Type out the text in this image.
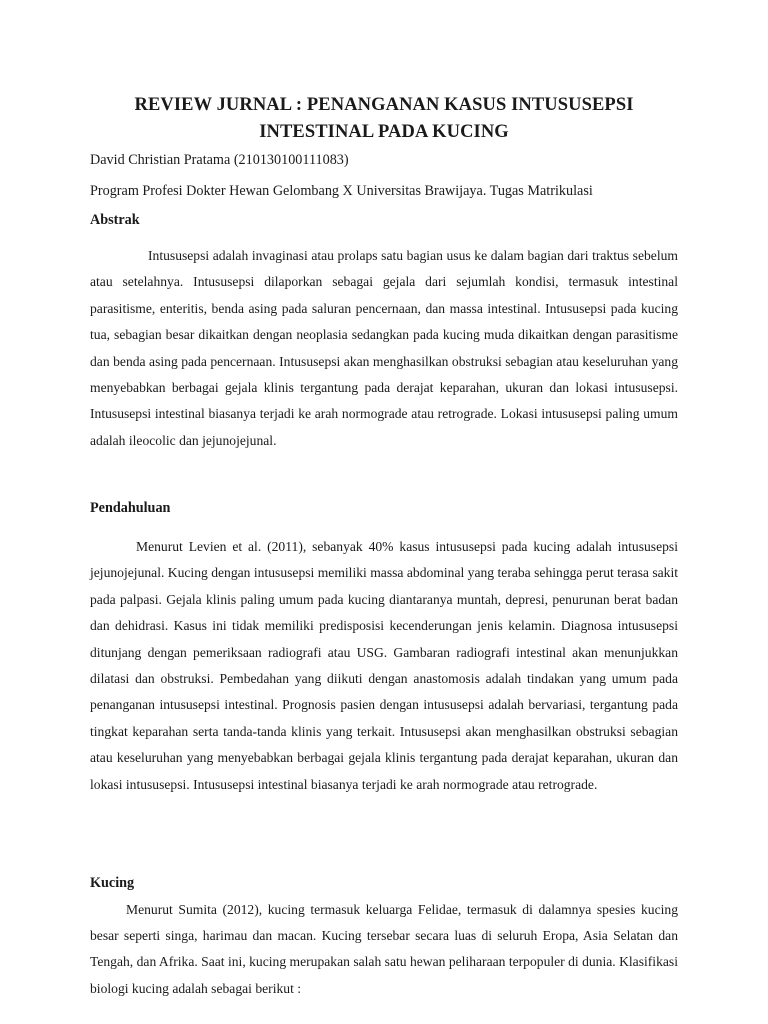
REVIEW JURNAL : PENANGANAN KASUS INTUSUSEPSI
INTESTINAL PADA KUCING
David Christian Pratama (210130100111083)
Program Profesi Dokter Hewan Gelombang X Universitas Brawijaya. Tugas Matrikulasi
Abstrak

Intususepsi adalah invaginasi atau prolaps satu bagian usus ke dalam bagian dari traktus sebelum atau setelahnya. Intususepsi dilaporkan sebagai gejala dari sejumlah kondisi, termasuk intestinal parasitisme, enteritis, benda asing pada saluran pencernaan, dan massa intestinal. Intususepsi pada kucing tua, sebagian besar dikaitkan dengan neoplasia sedangkan pada kucing muda dikaitkan dengan parasitisme dan benda asing pada pencernaan. Intususepsi akan menghasilkan obstruksi sebagian atau keseluruhan yang menyebabkan berbagai gejala klinis tergantung pada derajat keparahan, ukuran dan lokasi intususepsi. Intususepsi intestinal biasanya terjadi ke arah normograde atau retrograde. Lokasi intususepsi paling umum adalah ileocolic dan jejunojejunal.

Pendahuluan

Menurut Levien et al. (2011), sebanyak 40% kasus intususepsi pada kucing adalah intususepsi jejunojejunal. Kucing dengan intususepsi memiliki massa abdominal yang teraba sehingga perut terasa sakit pada palpasi. Gejala klinis paling umum pada kucing diantaranya muntah, depresi, penurunan berat badan dan dehidrasi. Kasus ini tidak memiliki predisposisi kecenderungan jenis kelamin. Diagnosa intususepsi ditunjang dengan pemeriksaan radiografi atau USG. Gambaran radiografi intestinal akan menunjukkan dilatasi dan obstruksi. Pembedahan yang diikuti dengan anastomosis adalah tindakan yang umum pada penanganan intususepsi intestinal. Prognosis pasien dengan intususepsi adalah bervariasi, tergantung pada tingkat keparahan serta tanda-tanda klinis yang terkait. Intususepsi akan menghasilkan obstruksi sebagian atau keseluruhan yang menyebabkan berbagai gejala klinis tergantung pada derajat keparahan, ukuran dan lokasi intususepsi. Intususepsi intestinal biasanya terjadi ke arah normograde atau retrograde.

Kucing

Menurut Sumita (2012), kucing termasuk keluarga Felidae, termasuk di dalamnya spesies kucing besar seperti singa, harimau dan macan. Kucing tersebar secara luas di seluruh Eropa, Asia Selatan dan Tengah, dan Afrika. Saat ini, kucing merupakan salah satu hewan peliharaan terpopuler di dunia. Klasifikasi biologi kucing adalah sebagai berikut :
